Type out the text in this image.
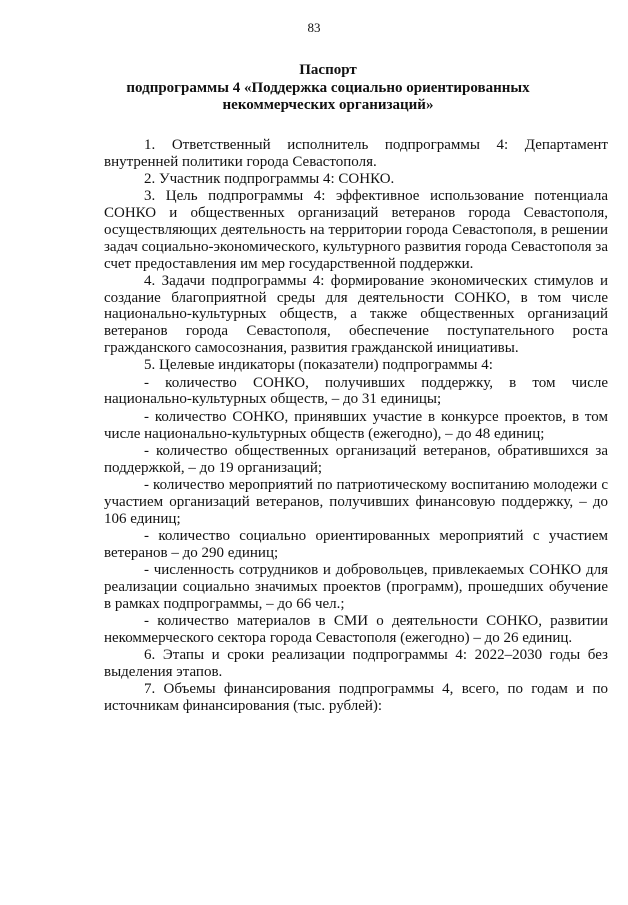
83
Паспорт
подпрограммы 4 «Поддержка социально ориентированных
некоммерческих организаций»

1. Ответственный исполнитель подпрограммы 4: Департамент внутренней политики города Севастополя.

2. Участник подпрограммы 4: СОНКО.

3. Цель подпрограммы 4: эффективное использование потенциала СОНКО и общественных организаций ветеранов города Севастополя, осуществляющих деятельность на территории города Севастополя, в решении задач социально-экономического, культурного развития города Севастополя за счет предоставления им мер государственной поддержки.

4. Задачи подпрограммы 4: формирование экономических стимулов и создание благоприятной среды для деятельности СОНКО, в том числе национально-культурных обществ, а также общественных организаций ветеранов города Севастополя, обеспечение поступательного роста гражданского самосознания, развития гражданской инициативы.

5. Целевые индикаторы (показатели) подпрограммы 4:

- количество СОНКО, получивших поддержку, в том числе национально-культурных обществ, – до 31 единицы;

- количество СОНКО, принявших участие в конкурсе проектов, в том числе национально-культурных обществ (ежегодно), – до 48 единиц;

- количество общественных организаций ветеранов, обратившихся за поддержкой, – до 19 организаций;

- количество мероприятий по патриотическому воспитанию молодежи с участием организаций ветеранов, получивших финансовую поддержку, – до 106 единиц;

- количество социально ориентированных мероприятий с участием ветеранов – до 290 единиц;

- численность сотрудников и добровольцев, привлекаемых СОНКО для реализации социально значимых проектов (программ), прошедших обучение в рамках подпрограммы, – до 66 чел.;

- количество материалов в СМИ о деятельности СОНКО, развитии некоммерческого сектора города Севастополя (ежегодно) – до 26 единиц.

6. Этапы и сроки реализации подпрограммы 4: 2022–2030 годы без выделения этапов.

7. Объемы финансирования подпрограммы 4, всего, по годам и по источникам финансирования (тыс. рублей):
